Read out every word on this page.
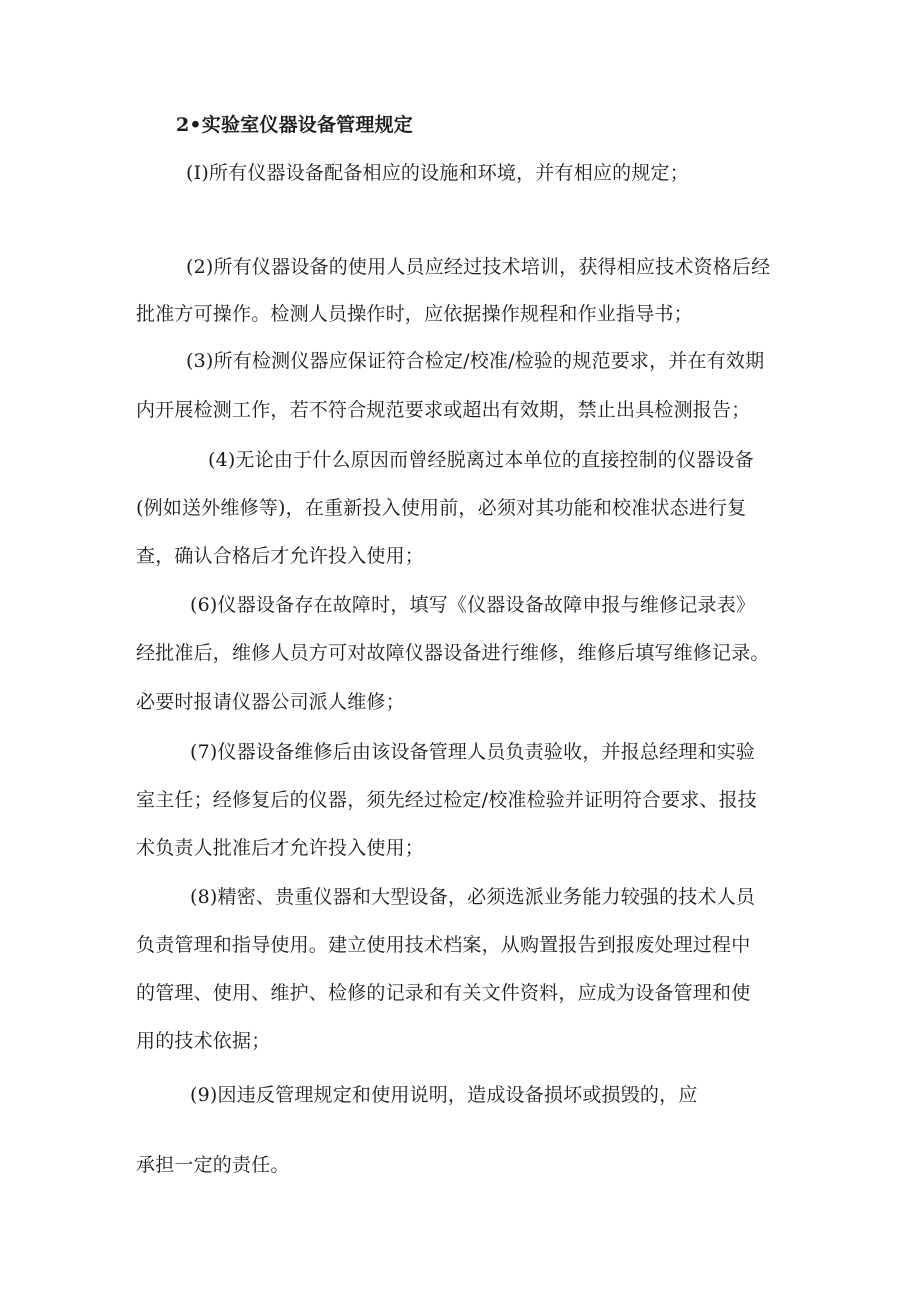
2•实验室仪器设备管理规定
(I)所有仪器设备配备相应的设施和环境，并有相应的规定；
(2)所有仪器设备的使用人员应经过技术培训，获得相应技术资格后经
批准方可操作。检测人员操作时，应依据操作规程和作业指导书；
(3)所有检测仪器应保证符合检定/校准/检验的规范要求，并在有效期
内开展检测工作，若不符合规范要求或超出有效期，禁止出具检测报告；
(4)无论由于什么原因而曾经脱离过本单位的直接控制的仪器设备
(例如送外维修等)，在重新投入使用前，必须对其功能和校准状态进行复
查，确认合格后才允许投入使用；
(6)仪器设备存在故障时，填写《仪器设备故障申报与维修记录表》
经批准后，维修人员方可对故障仪器设备进行维修，维修后填写维修记录。
必要时报请仪器公司派人维修；
(7)仪器设备维修后由该设备管理人员负责验收，并报总经理和实验
室主任；经修复后的仪器，须先经过检定/校准检验并证明符合要求、报技
术负责人批准后才允许投入使用；
(8)精密、贵重仪器和大型设备，必须选派业务能力较强的技术人员
负责管理和指导使用。建立使用技术档案，从购置报告到报废处理过程中
的管理、使用、维护、检修的记录和有关文件资料，应成为设备管理和使
用的技术依据；
(9)因违反管理规定和使用说明，造成设备损坏或损毁的，应
承担一定的责任。
